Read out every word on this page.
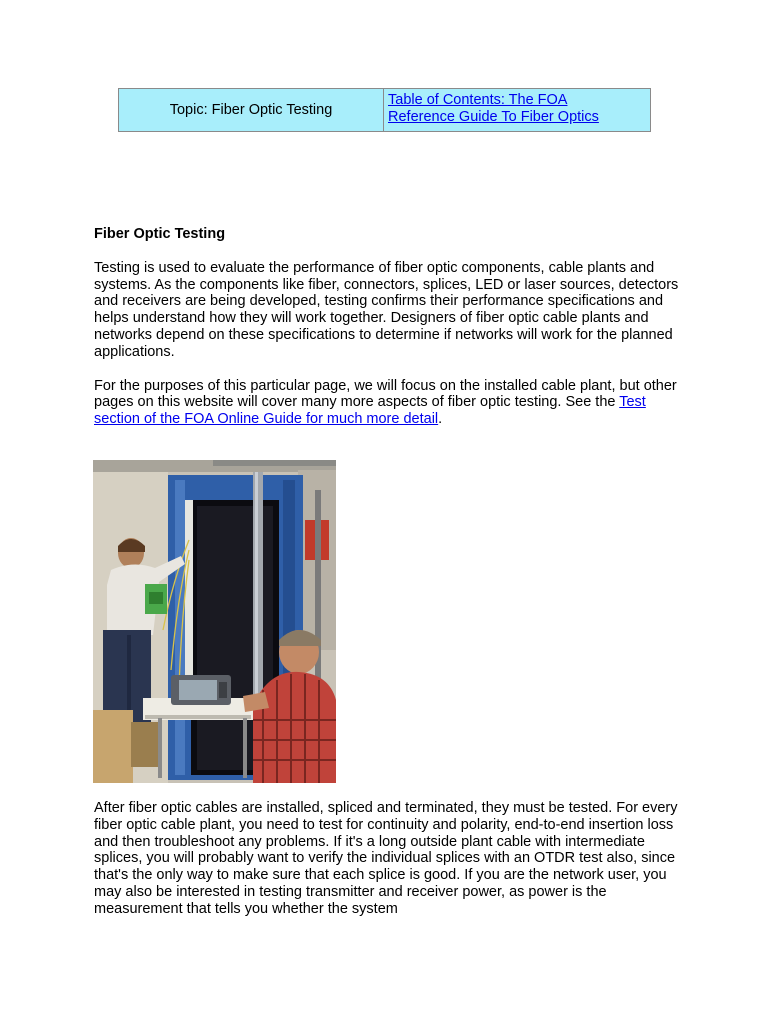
Topic: Fiber Optic Testing
Table of Contents: The FOA
Reference Guide To Fiber Optics

Fiber Optic Testing

Testing is used to evaluate the performance of fiber optic components, cable plants and systems. As the components like fiber, connectors, splices, LED or laser sources, detectors and receivers are being developed, testing confirms their performance specifications and helps understand how they will work together. Designers of fiber optic cable plants and networks depend on these specifications to determine if networks will work for the planned applications.

For the purposes of this particular page, we will focus on the installed cable plant, but other pages on this website will cover many more aspects of fiber optic testing. See the Test section of the FOA Online Guide for much more detail.

After fiber optic cables are installed, spliced and terminated, they must be tested. For every fiber optic cable plant, you need to test for continuity and polarity, end-to-end insertion loss and then troubleshoot any problems. If it's a long outside plant cable with intermediate splices, you will probably want to verify the individual splices with an OTDR test also, since that's the only way to make sure that each splice is good. If you are the network user, you may also be interested in testing transmitter and receiver power, as power is the measurement that tells you whether the system
